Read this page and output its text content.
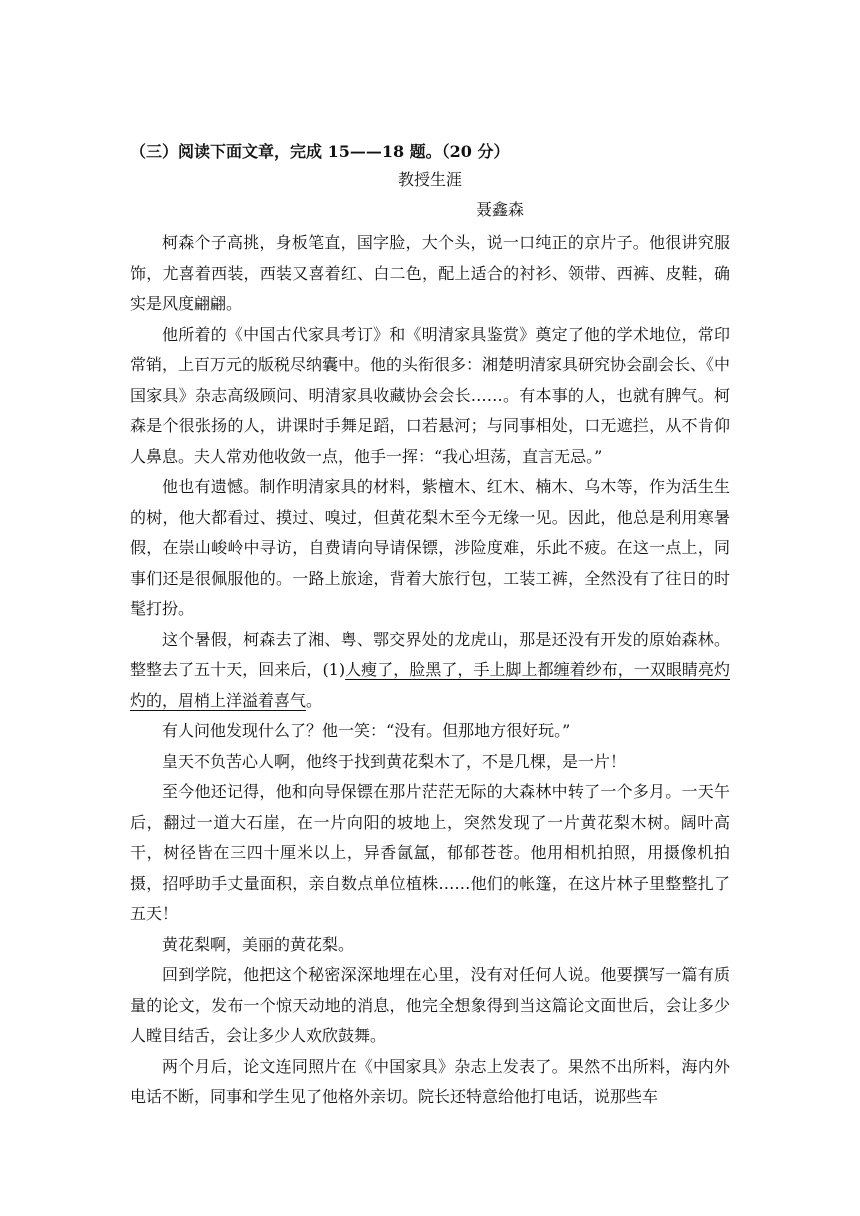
（三）阅读下面文章，完成 15——18 题。（20 分）
教授生涯
聂鑫森

柯森个子高挑，身板笔直，国字脸，大个头，说一口纯正的京片子。他很讲究服饰，尤喜着西装，西装又喜着红、白二色，配上适合的衬衫、领带、西裤、皮鞋，确实是风度翩翩。

他所着的《中国古代家具考订》和《明清家具鉴赏》奠定了他的学术地位，常印常销，上百万元的版税尽纳囊中。他的头衔很多：湘楚明清家具研究协会副会长、《中国家具》杂志高级顾问、明清家具收藏协会会长……。有本事的人，也就有脾气。柯森是个很张扬的人，讲课时手舞足蹈，口若悬河；与同事相处，口无遮拦，从不肯仰人鼻息。夫人常劝他收敛一点，他手一挥：“我心坦荡，直言无忌。”

他也有遗憾。制作明清家具的材料，紫檀木、红木、楠木、乌木等，作为活生生的树，他大都看过、摸过、嗅过，但黄花梨木至今无缘一见。因此，他总是利用寒暑假，在崇山峻岭中寻访，自费请向导请保镖，涉险度难，乐此不疲。在这一点上，同事们还是很佩服他的。一路上旅途，背着大旅行包，工装工裤，全然没有了往日的时髦打扮。

这个暑假，柯森去了湘、粤、鄂交界处的龙虎山，那是还没有开发的原始森林。整整去了五十天，回来后，(1)人瘦了，脸黑了，手上脚上都缠着纱布，一双眼睛亮灼灼的，眉梢上洋溢着喜气。

有人问他发现什么了？他一笑：“没有。但那地方很好玩。”

皇天不负苦心人啊，他终于找到黄花梨木了，不是几棵，是一片！

至今他还记得，他和向导保镖在那片茫茫无际的大森林中转了一个多月。一天午后，翻过一道大石崖，在一片向阳的坡地上，突然发现了一片黄花梨木树。阔叶高干，树径皆在三四十厘米以上，异香氤氲，郁郁苍苍。他用相机拍照，用摄像机拍摄，招呼助手丈量面积，亲自数点单位植株……他们的帐篷，在这片林子里整整扎了五天！

黄花梨啊，美丽的黄花梨。

回到学院，他把这个秘密深深地埋在心里，没有对任何人说。他要撰写一篇有质量的论文，发布一个惊天动地的消息，他完全想象得到当这篇论文面世后，会让多少人瞠目结舌，会让多少人欢欣鼓舞。

两个月后，论文连同照片在《中国家具》杂志上发表了。果然不出所料，海内外电话不断，同事和学生见了他格外亲切。院长还特意给他打电话，说那些车
